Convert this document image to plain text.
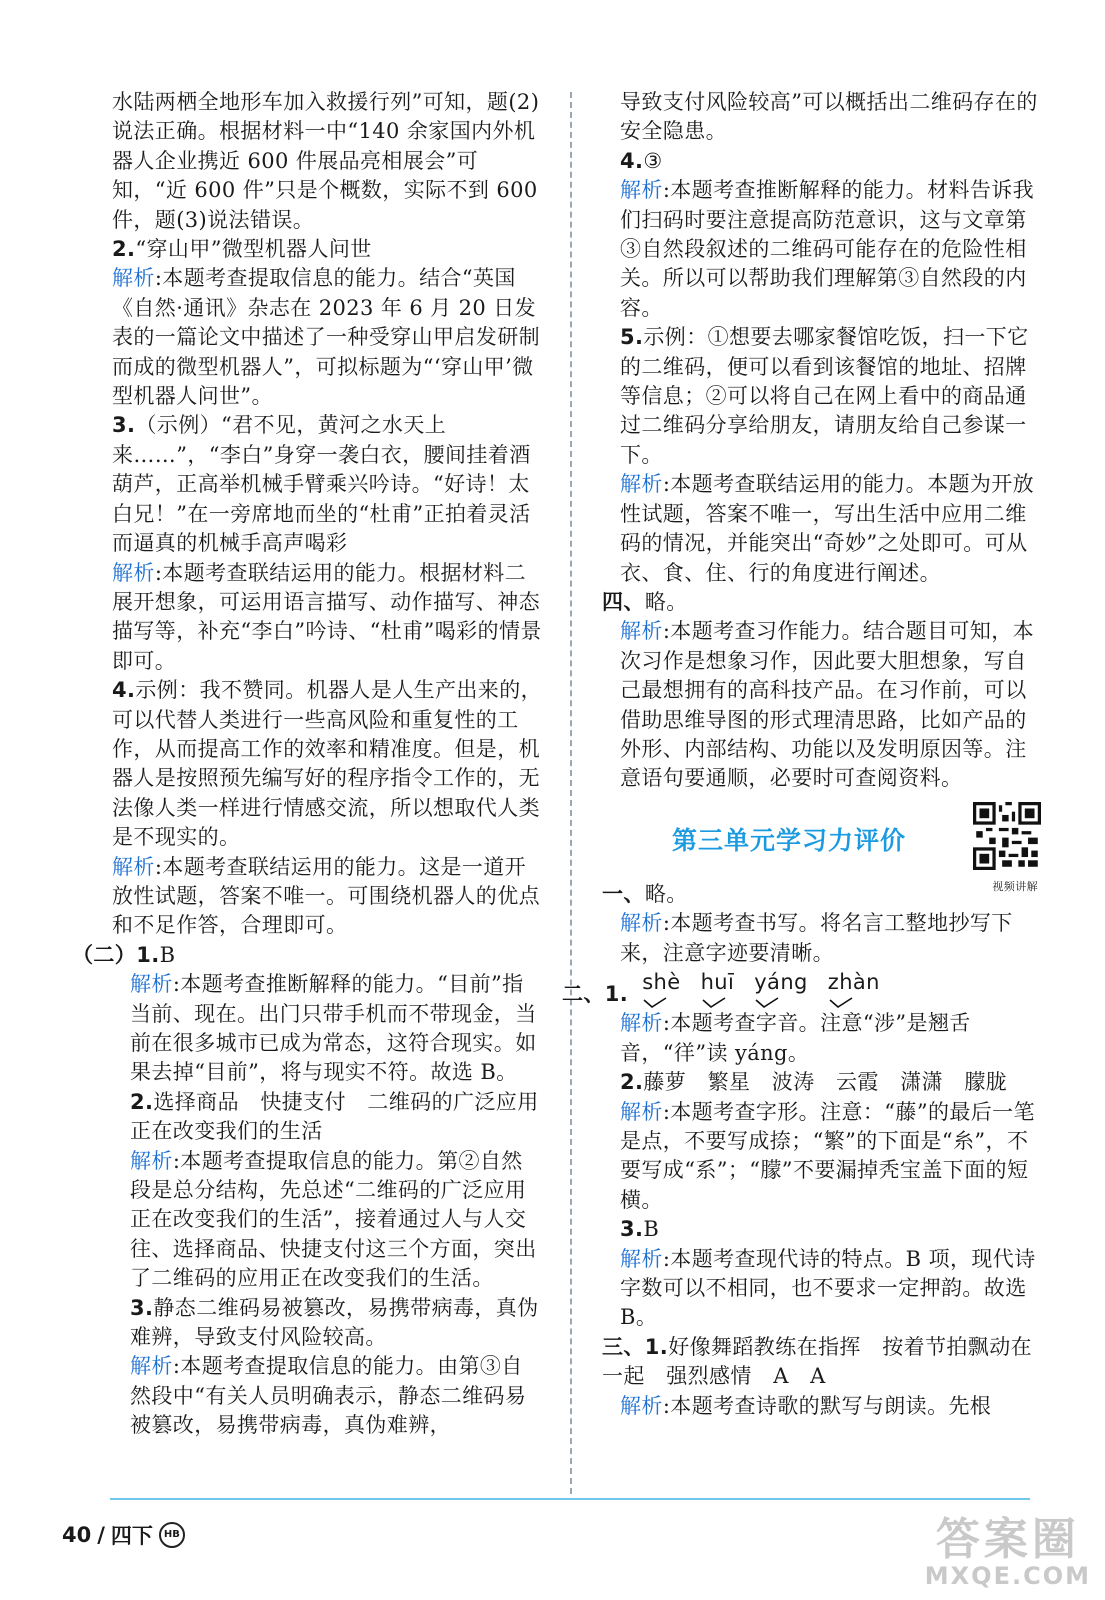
水陆两栖全地形车加入救援行列”可知，题(2)说法正确。根据材料一中“140 余家国内外机器人企业携近 600 件展品亮相展会”可知，“近 600 件”只是个概数，实际不到 600 件，题(3)说法错误。
2.“穿山甲”微型机器人问世
解析:本题考查提取信息的能力。结合“英国《自然·通讯》杂志在 2023 年 6 月 20 日发表的一篇论文中描述了一种受穿山甲启发研制而成的微型机器人”，可拟标题为“‘穿山甲’微型机器人问世”。
3.（示例）“君不见，黄河之水天上来……”，“李白”身穿一袭白衣，腰间挂着酒葫芦，正高举机械手臂乘兴吟诗。“好诗！太白兄！”在一旁席地而坐的“杜甫”正拍着灵活而逼真的机械手高声喝彩
解析:本题考查联结运用的能力。根据材料二展开想象，可运用语言描写、动作描写、神态描写等，补充“李白”吟诗、“杜甫”喝彩的情景即可。
4.示例：我不赞同。机器人是人生产出来的，可以代替人类进行一些高风险和重复性的工作，从而提高工作的效率和精准度。但是，机器人是按照预先编写好的程序指令工作的，无法像人类一样进行情感交流，所以想取代人类是不现实的。
解析:本题考查联结运用的能力。这是一道开放性试题，答案不唯一。可围绕机器人的优点和不足作答，合理即可。
（二）1.B
解析:本题考查推断解释的能力。“目前”指当前、现在。出门只带手机而不带现金，当前在很多城市已成为常态，这符合现实。如果去掉“目前”，将与现实不符。故选 B。
2.选择商品　快捷支付　二维码的广泛应用正在改变我们的生活
解析:本题考查提取信息的能力。第②自然段是总分结构，先总述“二维码的广泛应用正在改变我们的生活”，接着通过人与人交往、选择商品、快捷支付这三个方面，突出了二维码的应用正在改变我们的生活。
3.静态二维码易被篡改，易携带病毒，真伪难辨，导致支付风险较高。
解析:本题考查提取信息的能力。由第③自然段中“有关人员明确表示，静态二维码易被篡改，易携带病毒，真伪难辨，
导致支付风险较高”可以概括出二维码存在的安全隐患。
4.③
解析:本题考查推断解释的能力。材料告诉我们扫码时要注意提高防范意识，这与文章第③自然段叙述的二维码可能存在的危险性相关。所以可以帮助我们理解第③自然段的内容。
5.示例：①想要去哪家餐馆吃饭，扫一下它的二维码，便可以看到该餐馆的地址、招牌等信息；②可以将自己在网上看中的商品通过二维码分享给朋友，请朋友给自己参谋一下。
解析:本题考查联结运用的能力。本题为开放性试题，答案不唯一，写出生活中应用二维码的情况，并能突出“奇妙”之处即可。可从衣、食、住、行的角度进行阐述。
四、略。
解析:本题考查习作能力。结合题目可知，本次习作是想象习作，因此要大胆想象，写自己最想拥有的高科技产品。在习作前，可以借助思维导图的形式理清思路，比如产品的外形、内部结构、功能以及发明原因等。注意语句要通顺，必要时可查阅资料。
第三单元学习力评价
视频讲解
一、略。
解析:本题考查书写。将名言工整地抄写下来，注意字迹要清晰。
二、1. shè huī yáng zhàn
解析:本题考查字音。注意“涉”是翘舌音，“徉”读 yáng。
2.藤萝　繁星　波涛　云霞　潇潇　朦胧
解析:本题考查字形。注意：“藤”的最后一笔是点，不要写成捺；“繁”的下面是“糸”，不要写成“系”；“朦”不要漏掉秃宝盖下面的短横。
3.B
解析:本题考查现代诗的特点。B 项，现代诗字数可以不相同，也不要求一定押韵。故选 B。
三、1.好像舞蹈教练在指挥　按着节拍飘动在一起　强烈感情　A　A
解析:本题考查诗歌的默写与朗读。先根
40 / 四下	HB	答案圈
MXQE.COM
